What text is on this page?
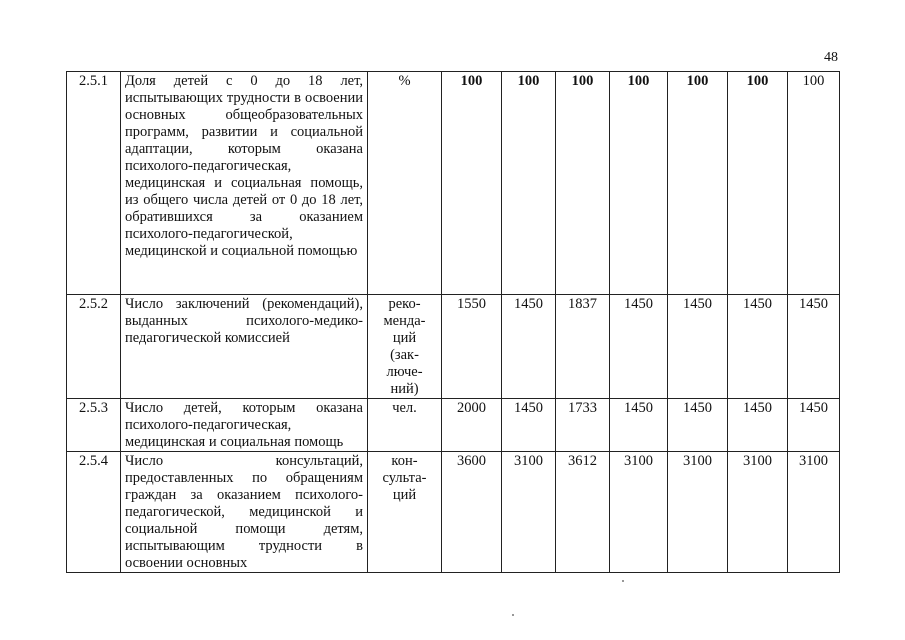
48
2.5.1	Доля детей с 0 до 18 лет, испытывающих трудности в освоении основных общеобразовательных программ, развитии и социальной адаптации, которым оказана психолого-педагогическая, медицинская и социальная помощь, из общего числа детей от 0 до 18 лет, обратившихся за оказанием психолого-педагогической, медицинской и социальной помощью	%	100	100	100	100	100	100	100
2.5.2	Число заключений (рекомендаций), выданных психолого-медико-педагогической комиссией	реко-менда-ций (зак-люче-ний)	1550	1450	1837	1450	1450	1450	1450
2.5.3	Число детей, которым оказана психолого-педагогическая, медицинская и социальная помощь	чел.	2000	1450	1733	1450	1450	1450	1450
2.5.4	Число консультаций, предоставленных по обращениям граждан за оказанием психолого-педагогической, медицинской и социальной помощи детям, испытывающим трудности в освоении основных	кон-сульта-ций	3600	3100	3612	3100	3100	3100	3100
